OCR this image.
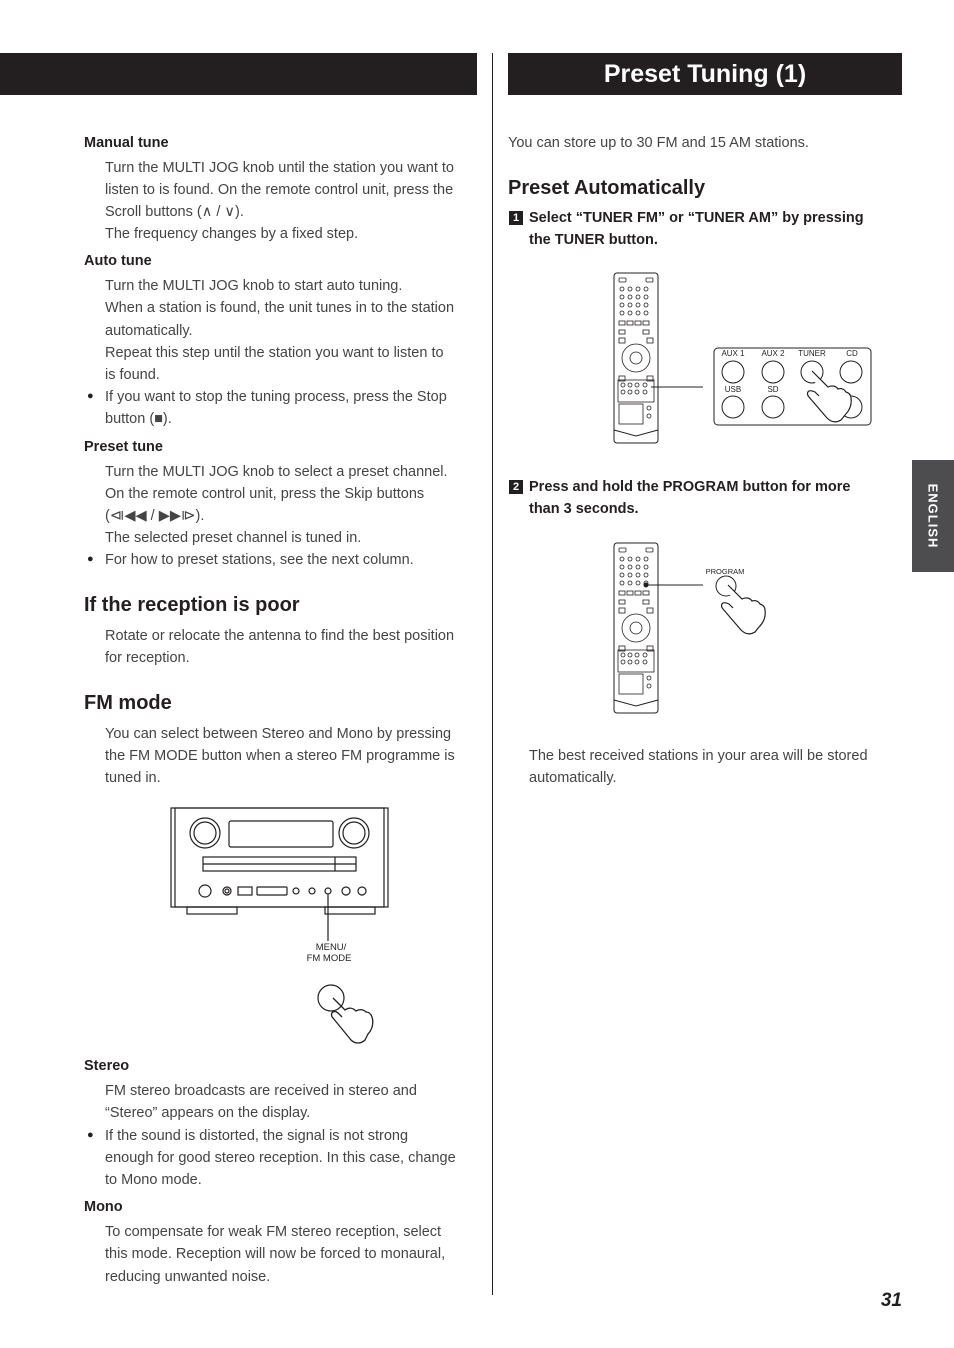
Preset Tuning (1)
Manual tune
Turn the MULTI JOG knob until the station you want to
listen to is found. On the remote control unit, press the
Scroll buttons (∧ / ∨).
The frequency changes by a fixed step.
Auto tune
Turn the MULTI JOG knob to start auto tuning.
When a station is found, the unit tunes in to the station
automatically.
Repeat this step until the station you want to listen to
is found.
● If you want to stop the tuning process, press the Stop
button (■).
Preset tune
Turn the MULTI JOG knob to select a preset channel.
On the remote control unit, press the Skip buttons
(⧏◀◀ / ▶▶⧐).
The selected preset channel is tuned in.
● For how to preset stations, see the next column.
If the reception is poor
Rotate or relocate the antenna to find the best position
for reception.
FM mode
You can select between Stereo and Mono by pressing
the FM MODE button when a stereo FM programme is
tuned in.
MENU/
FM MODE
Stereo
FM stereo broadcasts are received in stereo and
“Stereo” appears on the display.
● If the sound is distorted, the signal is not strong
enough for good stereo reception. In this case, change
to Mono mode.
Mono
To compensate for weak FM stereo reception, select
this mode. Reception will now be forced to monaural,
reducing unwanted noise.
You can store up to 30 FM and 15 AM stations.
Preset Automatically
1 Select “TUNER FM” or “TUNER AM” by pressing
the TUNER button.
AUX 1 AUX 2 TUNER	CD
USB	SD
2 Press and hold the PROGRAM button for more
than 3 seconds.
PROGRAM
The best received stations in your area will be stored
automatically.
ENGLISH
31
